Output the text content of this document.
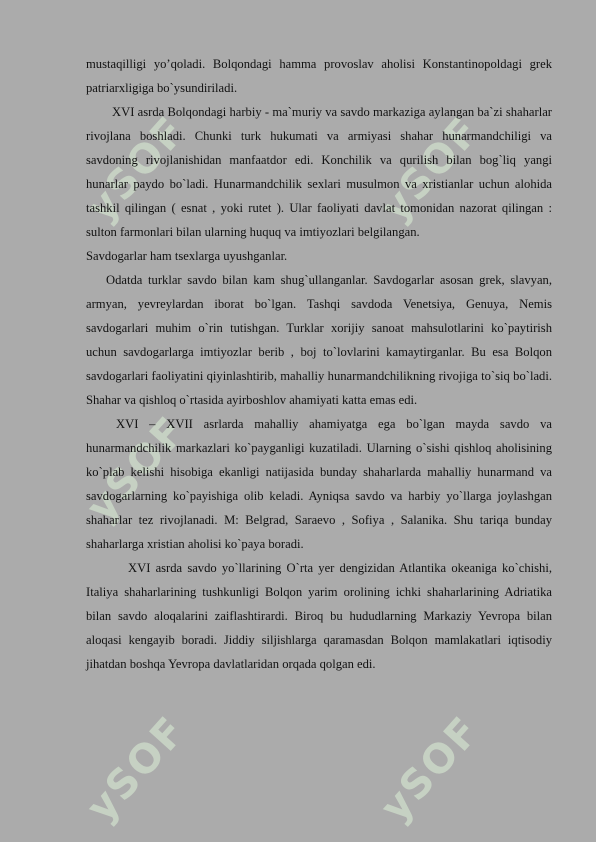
ySOF	ySOF
ySOF
ySOF	ySOF

mustaqilligi yo’qoladi. Bolqondagi hamma provoslav aholisi Konstantinopoldagi grek patriarxligiga bo`ysundiriladi.

XVI asrda Bolqondagi harbiy - ma`muriy va savdo markaziga aylangan ba`zi shaharlar rivojlana boshladi. Chunki turk hukumati va armiyasi shahar hunarmandchiligi va savdoning rivojlanishidan manfaatdor edi. Konchilik va qurilish bilan bog`liq yangi hunarlar paydo bo`ladi. Hunarmandchilik sexlari musulmon va xristianlar uchun alohida tashkil qilingan ( esnat , yoki rutet ). Ular faoliyati davlat tomonidan nazorat qilingan : sulton farmonlari bilan ularning huquq va imtiyozlari belgilangan.

Savdogarlar ham tsexlarga uyushganlar.

Odatda turklar savdo bilan kam shug`ullanganlar. Savdogarlar asosan grek, slavyan, armyan, yevreylardan iborat bo`lgan. Tashqi savdoda Venetsiya, Genuya, Nemis savdogarlari muhim o`rin tutishgan. Turklar xorijiy sanoat mahsulotlarini ko`paytirish uchun savdogarlarga imtiyozlar berib , boj to`lovlarini kamaytirganlar. Bu esa Bolqon savdogarlari faoliyatini qiyinlashtirib, mahalliy hunarmandchilikning rivojiga to`siq bo`ladi. Shahar va qishloq o`rtasida ayirboshlov ahamiyati katta emas edi.

XVI – XVII asrlarda mahalliy ahamiyatga ega bo`lgan mayda savdo va hunarmandchilik markazlari ko`payganligi kuzatiladi. Ularning o`sishi qishloq aholisining ko`plab kelishi hisobiga ekanligi natijasida bunday shaharlarda mahalliy hunarmand va savdogarlarning ko`payishiga olib keladi. Ayniqsa savdo va harbiy yo`llarga joylashgan shaharlar tez rivojlanadi. M: Belgrad, Saraevo , Sofiya , Salanika. Shu tariqa bunday shaharlarga xristian aholisi ko`paya boradi.

XVI asrda savdo yo`llarining O`rta yer dengizidan Atlantika okeaniga ko`chishi, Italiya shaharlarining tushkunligi Bolqon yarim orolining ichki shaharlarining Adriatika bilan savdo aloqalarini zaiflashtirardi. Biroq bu hududlarning Markaziy Yevropa bilan aloqasi kengayib boradi. Jiddiy siljishlarga qaramasdan Bolqon mamlakatlari iqtisodiy jihatdan boshqa Yevropa davlatlaridan orqada qolgan edi.
